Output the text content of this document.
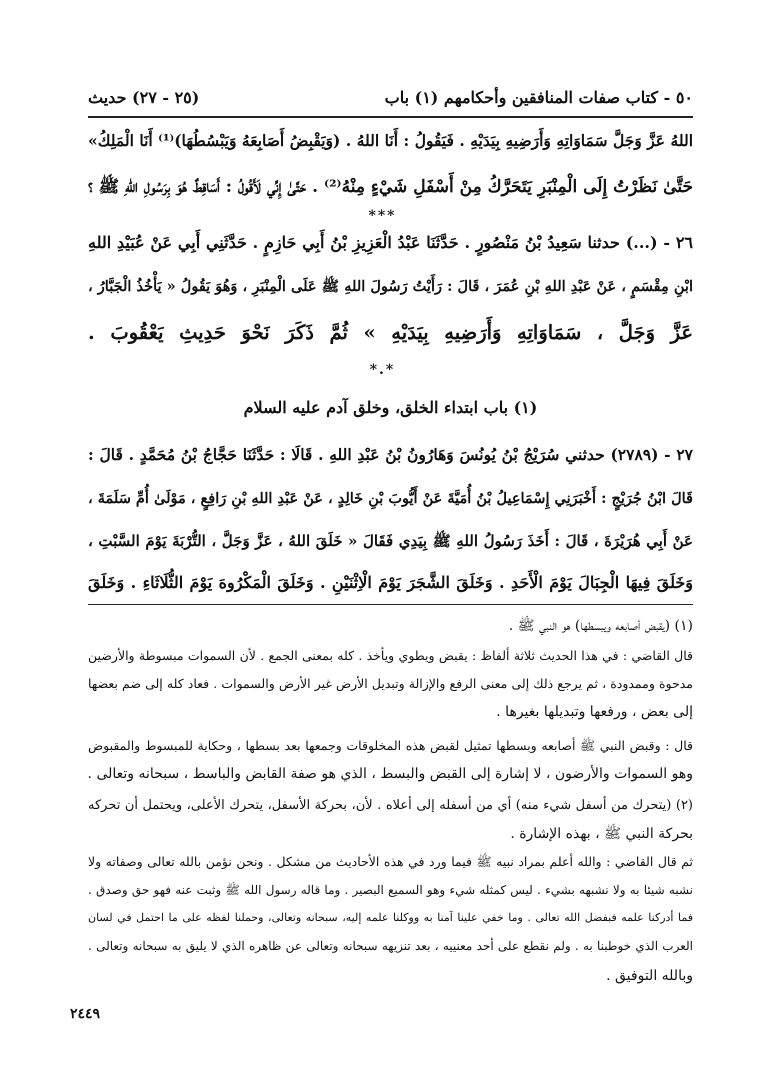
٥٠ - كتاب صفات المنافقين وأحكامهم (١) باب
(٢٥ - ٢٧) حديث
اللهُ عَزَّ وَجَلَّ سَمَاوَاتِهِ وَأَرَضِيهِ بِيَدَيْهِ . فَيَقُولُ : أَنَا اللهُ . (وَيَقْبِضُ أَصَابِعَهُ وَيَبْسُطُهَا)⁽¹⁾ أَنَا الْمَلِكُ»
حَتَّىٰ نَظَرْتُ إِلَى الْمِنْبَرِ يَتَحَرَّكُ مِنْ أَسْفَلِ شَيْءٍ مِنْهُ⁽²⁾ . حَتَّىٰ إِنِّي لَأَقُولُ : أَسَاقِطٌ هُوَ بِرَسُولِ اللهِ ﷺ ؟
***
٢٦ - (...) حدثنا سَعِيدُ بْنُ مَنْصُورٍ . حَدَّثَنَا عَبْدُ الْعَزِيزِ بْنُ أَبِي حَازِمٍ . حَدَّثَنِي أَبِي عَنْ عُبَيْدِ اللهِ
ابْنِ مِقْسَمٍ ، عَنْ عَبْدِ اللهِ بْنِ عُمَرَ ، قَالَ : رَأَيْتُ رَسُولَ اللهِ ﷺ عَلَى الْمِنْبَرِ ، وَهُوَ يَقُولُ « يَأْخُذُ الْجَبَّارُ ،
عَزَّ وَجَلَّ ، سَمَاوَاتِهِ وَأَرَضِيهِ بِيَدَيْهِ » ثُمَّ ذَكَرَ نَحْوَ حَدِيثِ يَعْقُوبَ .
*.*
(١) باب ابتداء الخلق، وخلق آدم عليه السلام
٢٧ - (٢٧٨٩) حدثني سُرَيْجُ بْنُ يُونُسَ وَهَارُونُ بْنُ عَبْدِ اللهِ . قَالَا : حَدَّثَنَا حَجَّاجُ بْنُ مُحَمَّدٍ . قَالَ :
قَالَ ابْنُ جُرَيْجٍ : أَخْبَرَنِي إِسْمَاعِيلُ بْنُ أُمَيَّةَ عَنْ أَيُّوبَ بْنِ خَالِدٍ ، عَنْ عَبْدِ اللهِ بْنِ رَافِعٍ ، مَوْلَىٰ أُمِّ سَلَمَةَ ،
عَنْ أَبِي هُرَيْرَةَ ، قَالَ : أَخَذَ رَسُولُ اللهِ ﷺ بِيَدِي فَقَالَ « خَلَقَ اللهُ ، عَزَّ وَجَلَّ ، التُّرْبَةَ يَوْمَ السَّبْتِ ،
وَخَلَقَ فِيهَا الْجِبَالَ يَوْمَ الْأَحَدِ . وَخَلَقَ الشَّجَرَ يَوْمَ الْاِثْنَيْنِ . وَخَلَقَ الْمَكْرُوهَ يَوْمَ الثُّلَاثَاءِ . وَخَلَقَ
(١) (يقبض أصابعه ويبسطها) هو النبي ﷺ .
قال القاضي : في هذا الحديث ثلاثة ألفاظ : يقبض ويطوي ويأخذ . كله بمعنى الجمع . لأن السموات مبسوطة والأرضين
مدحوة وممدودة ، ثم يرجع ذلك إلى معنى الرفع والإزالة وتبديل الأرض غير الأرض والسموات . فعاد كله إلى ضم بعضها
إلى بعض ، ورفعها وتبديلها بغيرها .
قال : وقبض النبي ﷺ أصابعه وبسطها تمثيل لقبض هذه المخلوقات وجمعها بعد بسطها ، وحكاية للمبسوط والمقبوض
وهو السموات والأرضون ، لا إشارة إلى القبض والبسط ، الذي هو صفة القابض والباسط ، سبحانه وتعالى .
(٢) (يتحرك من أسفل شيء منه) أي من أسفله إلى أعلاه . لأن، بحركة الأسفل، يتحرك الأعلى، ويحتمل أن تحركه
بحركة النبي ﷺ ، بهذه الإشارة .
ثم قال القاضي : والله أعلم بمراد نبيه ﷺ فيما ورد في هذه الأحاديث من مشكل . ونحن نؤمن بالله تعالى وصفاته ولا
نشبه شيئا به ولا نشبهه بشيء . ليس كمثله شيء وهو السميع البصير . وما قاله رسول الله ﷺ وثبت عنه فهو حق وصدق .
فما أدركنا علمه فبفضل الله تعالى . وما خفي علينا آمنا به ووكلنا علمه إليه، سبحانه وتعالى، وحملنا لفظه على ما احتمل في لسان
العرب الذي خوطبنا به . ولم نقطع على أحد معنييه ، بعد تنزيهه سبحانه وتعالى عن ظاهره الذي لا يليق به سبحانه وتعالى .
وبالله التوفيق .
٢٤٤٩
